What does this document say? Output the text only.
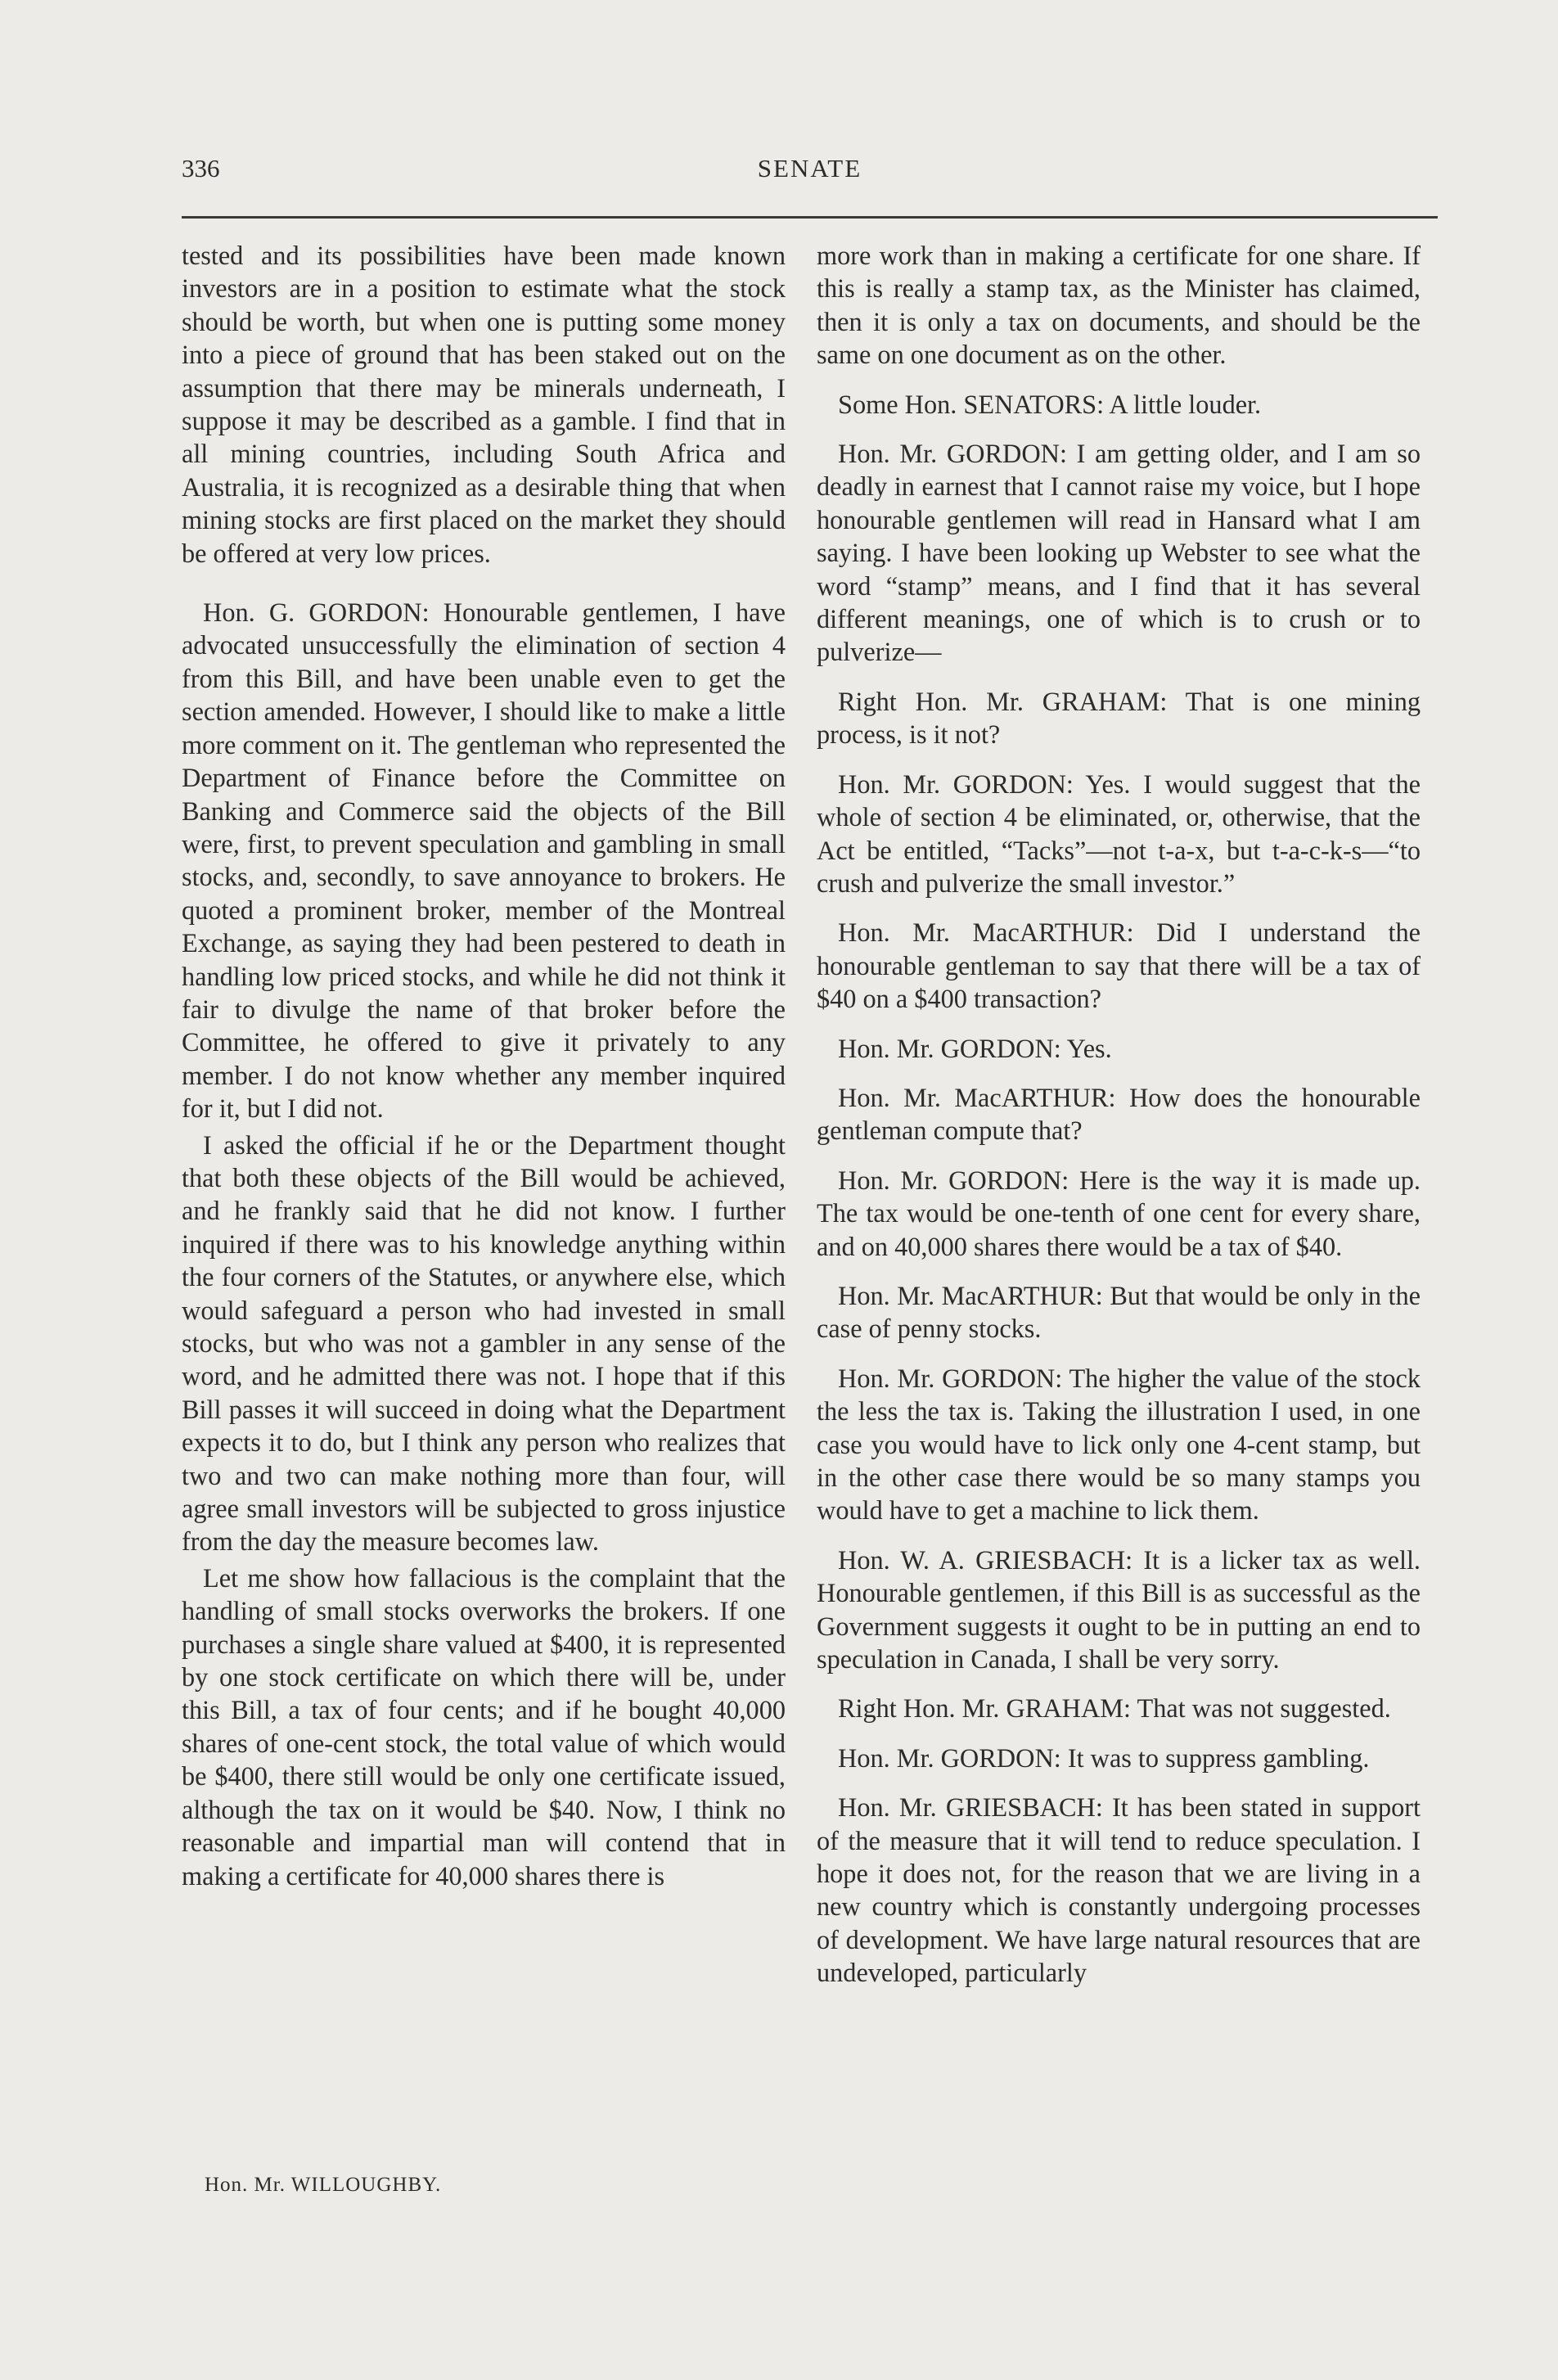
336	SENATE

tested and its possibilities have been made known investors are in a position to estimate what the stock should be worth, but when one is putting some money into a piece of ground that has been staked out on the assumption that there may be minerals underneath, I suppose it may be described as a gamble. I find that in all mining countries, including South Africa and Australia, it is recognized as a desirable thing that when mining stocks are first placed on the market they should be offered at very low prices.

Hon. G. GORDON: Honourable gentlemen, I have advocated unsuccessfully the elimination of section 4 from this Bill, and have been unable even to get the section amended. However, I should like to make a little more comment on it. The gentleman who represented the Department of Finance before the Committee on Banking and Commerce said the objects of the Bill were, first, to prevent speculation and gambling in small stocks, and, secondly, to save annoyance to brokers. He quoted a prominent broker, member of the Montreal Exchange, as saying they had been pestered to death in handling low priced stocks, and while he did not think it fair to divulge the name of that broker before the Committee, he offered to give it privately to any member. I do not know whether any member inquired for it, but I did not.

I asked the official if he or the Department thought that both these objects of the Bill would be achieved, and he frankly said that he did not know. I further inquired if there was to his knowledge anything within the four corners of the Statutes, or anywhere else, which would safeguard a person who had invested in small stocks, but who was not a gambler in any sense of the word, and he admitted there was not. I hope that if this Bill passes it will succeed in doing what the Department expects it to do, but I think any person who realizes that two and two can make nothing more than four, will agree small investors will be subjected to gross injustice from the day the measure becomes law.

Let me show how fallacious is the complaint that the handling of small stocks overworks the brokers. If one purchases a single share valued at $400, it is represented by one stock certificate on which there will be, under this Bill, a tax of four cents; and if he bought 40,000 shares of one-cent stock, the total value of which would be $400, there still would be only one certificate issued, although the tax on it would be $40. Now, I think no reasonable and impartial man will contend that in making a certificate for 40,000 shares there is

more work than in making a certificate for one share. If this is really a stamp tax, as the Minister has claimed, then it is only a tax on documents, and should be the same on one document as on the other.

Some Hon. SENATORS: A little louder.

Hon. Mr. GORDON: I am getting older, and I am so deadly in earnest that I cannot raise my voice, but I hope honourable gentlemen will read in Hansard what I am saying. I have been looking up Webster to see what the word “stamp” means, and I find that it has several different meanings, one of which is to crush or to pulverize—

Right Hon. Mr. GRAHAM: That is one mining process, is it not?

Hon. Mr. GORDON: Yes. I would suggest that the whole of section 4 be eliminated, or, otherwise, that the Act be entitled, “Tacks”—not t-a-x, but t-a-c-k-s—“to crush and pulverize the small investor.”

Hon. Mr. MacARTHUR: Did I understand the honourable gentleman to say that there will be a tax of $40 on a $400 transaction?

Hon. Mr. GORDON: Yes.

Hon. Mr. MacARTHUR: How does the honourable gentleman compute that?

Hon. Mr. GORDON: Here is the way it is made up. The tax would be one-tenth of one cent for every share, and on 40,000 shares there would be a tax of $40.

Hon. Mr. MacARTHUR: But that would be only in the case of penny stocks.

Hon. Mr. GORDON: The higher the value of the stock the less the tax is. Taking the illustration I used, in one case you would have to lick only one 4-cent stamp, but in the other case there would be so many stamps you would have to get a machine to lick them.

Hon. W. A. GRIESBACH: It is a licker tax as well. Honourable gentlemen, if this Bill is as successful as the Government suggests it ought to be in putting an end to speculation in Canada, I shall be very sorry.

Right Hon. Mr. GRAHAM: That was not suggested.

Hon. Mr. GORDON: It was to suppress gambling.

Hon. Mr. GRIESBACH: It has been stated in support of the measure that it will tend to reduce speculation. I hope it does not, for the reason that we are living in a new country which is constantly undergoing processes of development. We have large natural resources that are undeveloped, particularly

Hon. Mr. WILLOUGHBY.
